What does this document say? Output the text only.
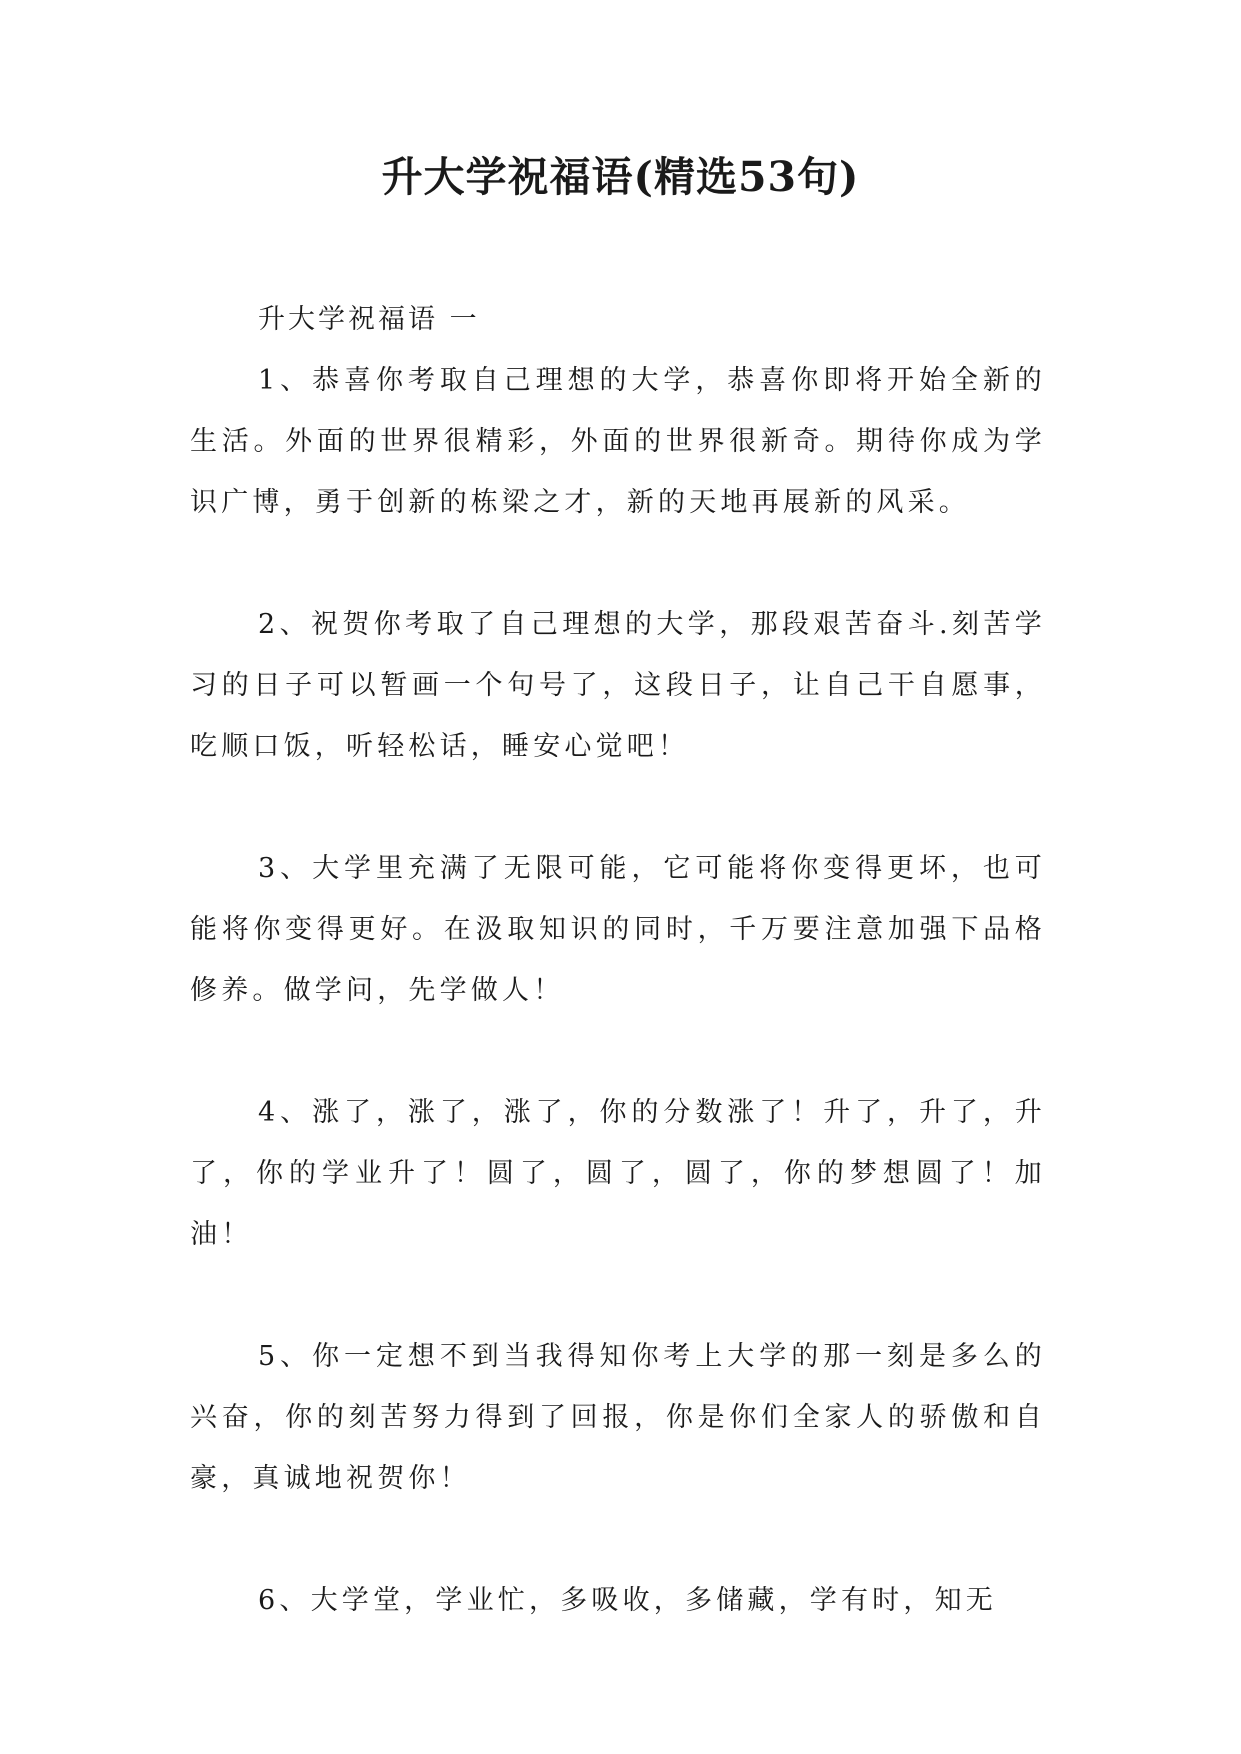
升大学祝福语(精选53句)
升大学祝福语 一

1、恭喜你考取自己理想的大学，恭喜你即将开始全新的生活。外面的世界很精彩，外面的世界很新奇。期待你成为学识广博，勇于创新的栋梁之才，新的天地再展新的风采。

2、祝贺你考取了自己理想的大学，那段艰苦奋斗.刻苦学习的日子可以暂画一个句号了，这段日子，让自己干自愿事，吃顺口饭，听轻松话，睡安心觉吧！

3、大学里充满了无限可能，它可能将你变得更坏，也可能将你变得更好。在汲取知识的同时，千万要注意加强下品格修养。做学问，先学做人！

4、涨了，涨了，涨了，你的分数涨了！升了，升了，升了，你的学业升了！圆了，圆了，圆了，你的梦想圆了！加油！

5、你一定想不到当我得知你考上大学的那一刻是多么的兴奋，你的刻苦努力得到了回报，你是你们全家人的骄傲和自豪，真诚地祝贺你！

6、大学堂，学业忙，多吸收，多储藏，学有时，知无
